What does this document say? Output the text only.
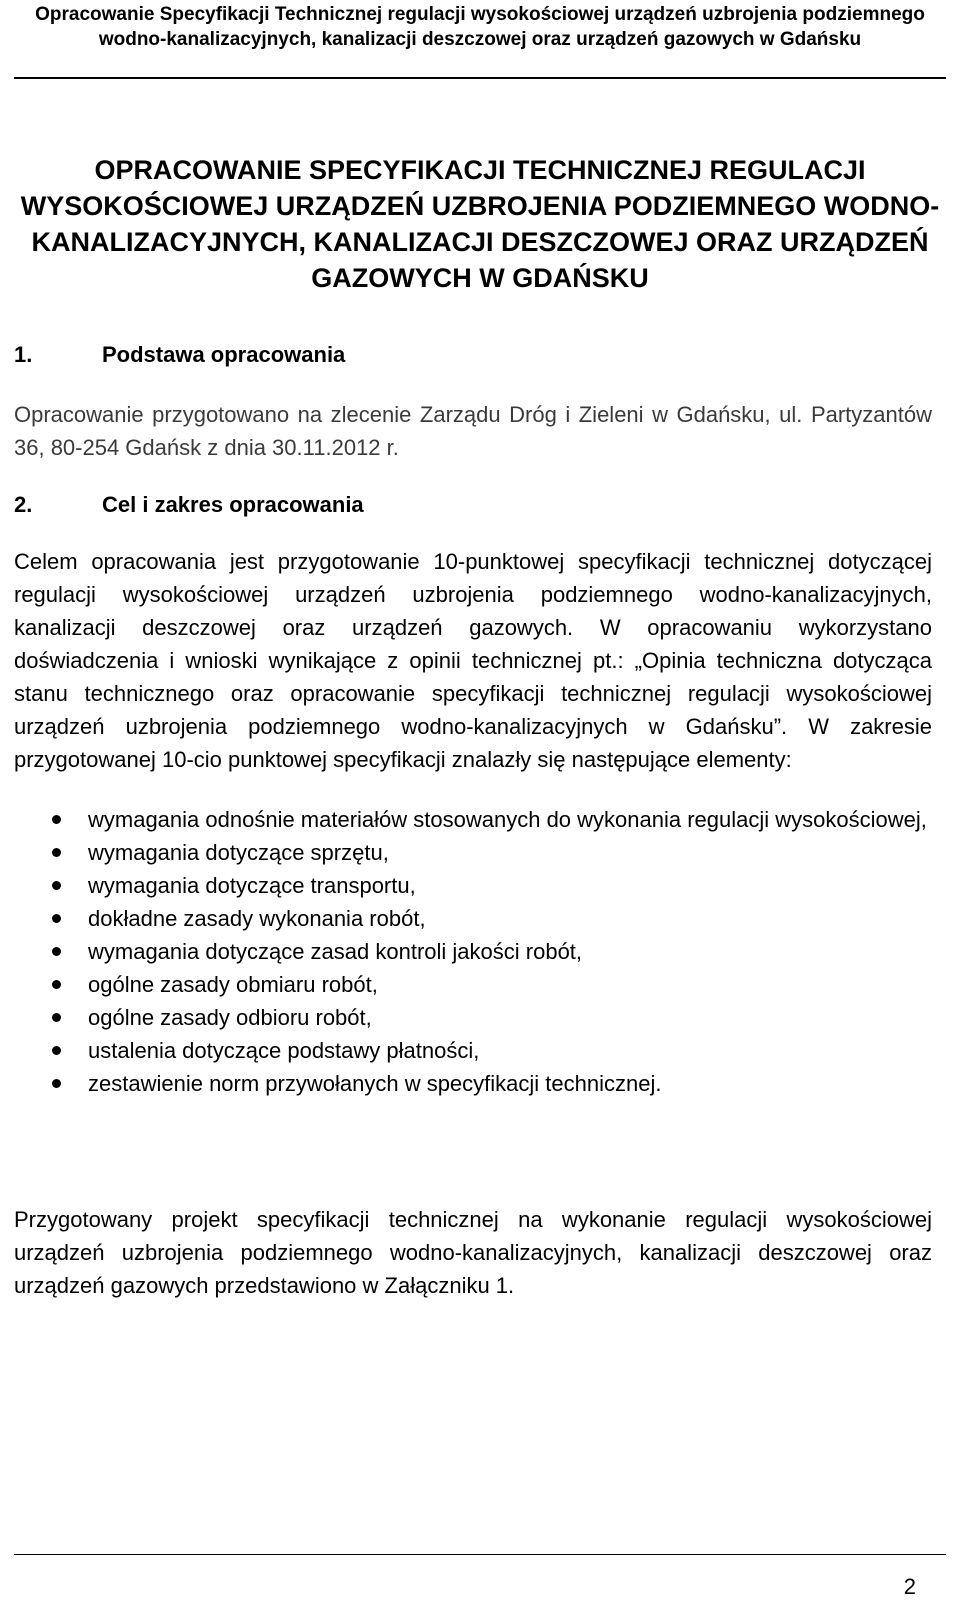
Opracowanie Specyfikacji Technicznej regulacji wysokościowej urządzeń uzbrojenia podziemnego wodno-kanalizacyjnych, kanalizacji deszczowej oraz urządzeń gazowych w Gdańsku
OPRACOWANIE SPECYFIKACJI TECHNICZNEJ REGULACJI WYSOKOŚCIOWEJ URZĄDZEŃ UZBROJENIA PODZIEMNEGO WODNO-KANALIZACYJNYCH, KANALIZACJI DESZCZOWEJ ORAZ URZĄDZEŃ GAZOWYCH W GDAŃSKU
1.	Podstawa opracowania
Opracowanie przygotowano na zlecenie Zarządu Dróg i Zieleni w Gdańsku, ul. Partyzantów 36, 80-254 Gdańsk z dnia 30.11.2012 r.
2.	Cel i zakres opracowania
Celem opracowania jest przygotowanie 10-punktowej specyfikacji technicznej dotyczącej regulacji wysokościowej urządzeń uzbrojenia podziemnego wodno-kanalizacyjnych, kanalizacji deszczowej oraz urządzeń gazowych. W opracowaniu wykorzystano doświadczenia i wnioski wynikające z opinii technicznej pt.: „Opinia techniczna dotycząca stanu technicznego oraz opracowanie specyfikacji technicznej regulacji wysokościowej urządzeń uzbrojenia podziemnego wodno-kanalizacyjnych w Gdańsku”. W zakresie przygotowanej 10-cio punktowej specyfikacji znalazły się następujące elementy:
wymagania odnośnie materiałów stosowanych do wykonania regulacji wysokościowej,
wymagania dotyczące sprzętu,
wymagania dotyczące transportu,
dokładne zasady wykonania robót,
wymagania dotyczące zasad kontroli jakości robót,
ogólne zasady obmiaru robót,
ogólne zasady odbioru robót,
ustalenia dotyczące podstawy płatności,
zestawienie norm przywołanych w specyfikacji technicznej.
Przygotowany projekt specyfikacji technicznej na wykonanie regulacji wysokościowej urządzeń uzbrojenia podziemnego wodno-kanalizacyjnych, kanalizacji deszczowej oraz urządzeń gazowych przedstawiono w Załączniku 1.
2
